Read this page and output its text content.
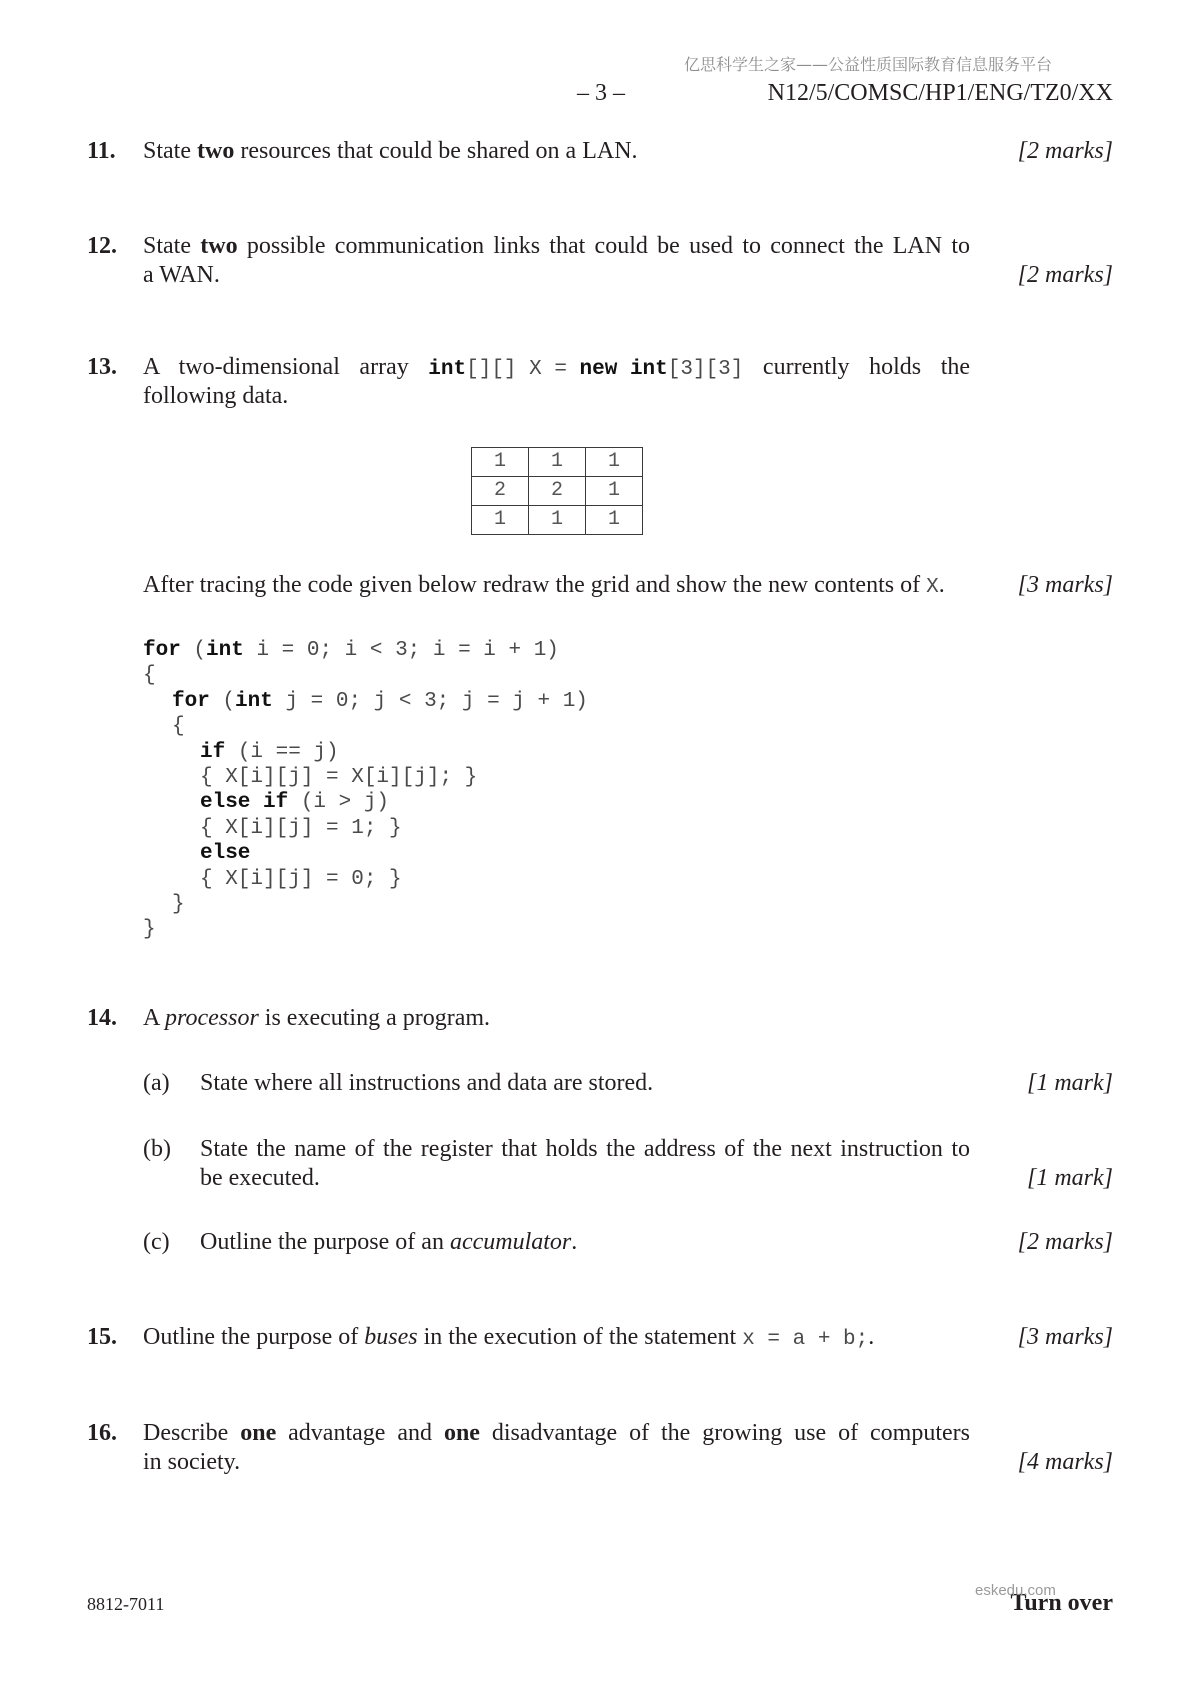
亿思科学生之家——公益性质国际教育信息服务平台
– 3 –	N12/5/COMSC/HP1/ENG/TZ0/XX
11. State two resources that could be shared on a LAN.	[2 marks]
12. State two possible communication links that could be used to connect the LAN to
a WAN.	[2 marks]
13. A two-dimensional array int[][] X = new int[3][3] currently holds the
following data.
1	1	1
2	2	1
1	1	1
After tracing the code given below redraw the grid and show the new contents of X.	[3 marks]
for (int i = 0; i < 3; i = i + 1)
{
for (int j = 0; j < 3; j = j + 1)
{
if (i == j)
{ X[i][j] = X[i][j]; }
else if (i > j)
{ X[i][j] = 1; }
else
{ X[i][j] = 0; }
}
}
14. A processor is executing a program.
(a) State where all instructions and data are stored.	[1 mark]
(b) State the name of the register that holds the address of the next instruction to
be executed.	[1 mark]
(c) Outline the purpose of an accumulator.	[2 marks]
15. Outline the purpose of buses in the execution of the statement x = a + b;.	[3 marks]
16. Describe one advantage and one disadvantage of the growing use of computers
in society.	[4 marks]
8812-7011	Turn over
eskedu.com
